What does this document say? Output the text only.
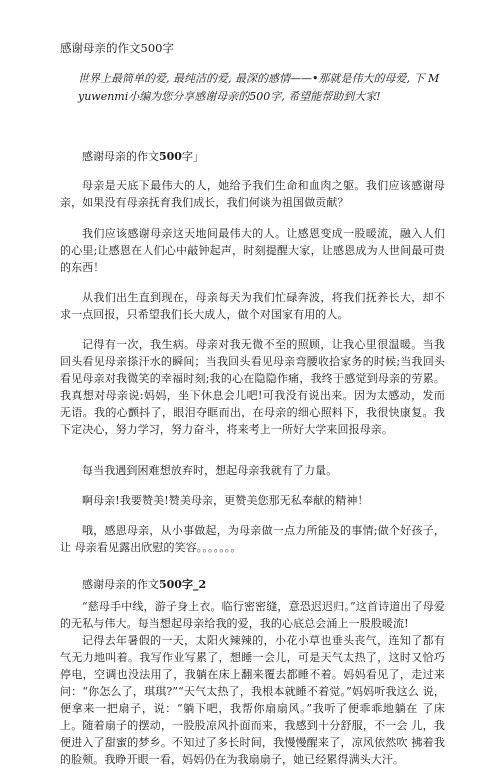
感谢母亲的作文500字
世界上最简单的爱, 最纯洁的爱, 最深的感情——•那就是伟大的母爱, 下 M yuwenmi小编为您分享感谢母亲的500字, 希望能帮助到大家!
感谢母亲的作文500字」
母亲是天底下最伟大的人，她给予我们生命和血肉之躯。我们应该感谢母 亲，如果没有母亲抚育我们成长，我们何谈为祖国做贡献？
我们应该感谢母亲这天地间最伟大的人。让感恩变成一股暖流，融入人们 的心里;让感恩在人们心中敲钟起声，时刻提醒大家，让感恩成为人世间最可贵 的东西！
从我们出生直到现在，母亲每天为我们忙碌奔波，将我们抚养长大，却不 求一点回报，只希望我们长大成人，做个对国家有用的人。
记得有一次，我生病。母亲对我无微不至的照顾，让我心里很温暖。当我 回头看见母亲搽汗水的瞬间；当我回头看见母亲弯腰收拾家务的时候;当我回头 看见母亲对我微笑的幸福时刻;我的心在隐隐作痛，我终于感觉到母亲的劳累。 我真想对母亲说:妈妈，坐下休息会儿吧!可我没有说出来。因为太感动，发而 无语。我的心颤抖了，眼泪夺眶而出，在母亲的细心照料下，我很快康复。我 下定决心，努力学习，努力奋斗，将来考上一所好大学来回报母亲。
每当我遇到困难想放弃时，想起母亲我就有了力量。
啊母亲!我要赞美!赞美母亲，更赞美您那无私奉献的精神！
哦，感恩母亲，从小事做起，为母亲做一点力所能及的事情;做个好孩子，让 母亲看见露出欣慰的笑容。。。。。。。
感谢母亲的作文500字_2
“慈母手中线，游子身上衣。临行密密缝，意恐迟迟归。”这首诗道出了母爱的无私与伟大。每当想起母亲给我的爱，我的心底总会涌上一股股暖流!
记得去年暑假的一天，太阳火辣辣的，小花小草也垂头丧气，连知了都有 气无力地叫着。我写作业写累了，想睡一会儿，可是天气太热了，这时又恰巧 停电，空调也没法用了，我躺在床上翻来覆去都睡不着。妈妈看见了，走过来 问：“你怎么了，琪琪?”“天气太热了，我根本就睡不着觉。”妈妈听我这么 说，便拿来一把扇子，说：“躺下吧，我帮你扇扇风。”我听了便乖乖地躺在 了床上。随着扇子的摆动，一股股凉风扑面而来，我感到十分舒服，不一会 儿，我便进入了甜蜜的梦乡。不知过了多长时间，我慢慢醒来了，凉风依然吹 拂着我的脸颊。我睁开眼一看，妈妈仍在为我扇扇子，她已经累得满头大汗。
